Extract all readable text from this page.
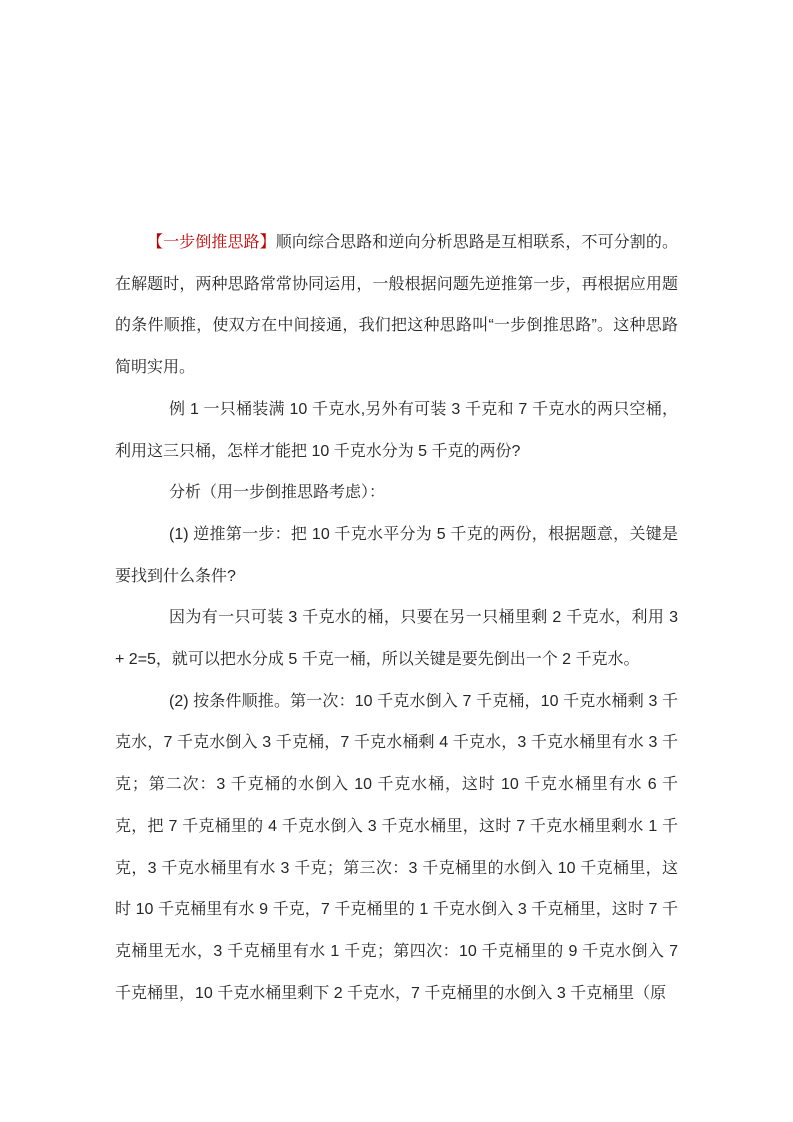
【一步倒推思路】顺向综合思路和逆向分析思路是互相联系，不可分割的。在解题时，两种思路常常协同运用，一般根据问题先逆推第一步，再根据应用题的条件顺推，使双方在中间接通，我们把这种思路叫“一步倒推思路”。这种思路简明实用。

例 1 一只桶装满 10 千克水,另外有可装 3 千克和 7 千克水的两只空桶，利用这三只桶，怎样才能把 10 千克水分为 5 千克的两份?

分析（用一步倒推思路考虑）：

(1) 逆推第一步：把 10 千克水平分为 5 千克的两份，根据题意，关键是要找到什么条件?

因为有一只可装 3 千克水的桶，只要在另一只桶里剩 2 千克水，利用 3 + 2=5，就可以把水分成 5 千克一桶，所以关键是要先倒出一个 2 千克水。

(2) 按条件顺推。第一次：10 千克水倒入 7 千克桶，10 千克水桶剩 3 千克水，7 千克水倒入 3 千克桶，7 千克水桶剩 4 千克水，3 千克水桶里有水 3 千克；第二次：3 千克桶的水倒入 10 千克水桶，这时 10 千克水桶里有水 6 千克，把 7 千克桶里的 4 千克水倒入 3 千克水桶里，这时 7 千克水桶里剩水 1 千克，3 千克水桶里有水 3 千克；第三次：3 千克桶里的水倒入 10 千克桶里，这时 10 千克桶里有水 9 千克，7 千克桶里的 1 千克水倒入 3 千克桶里，这时 7 千克桶里无水，3 千克桶里有水 1 千克；第四次：10 千克桶里的 9 千克水倒入 7 千克桶里，10 千克水桶里剩下 2 千克水，7 千克桶里的水倒入 3 千克桶里（原
